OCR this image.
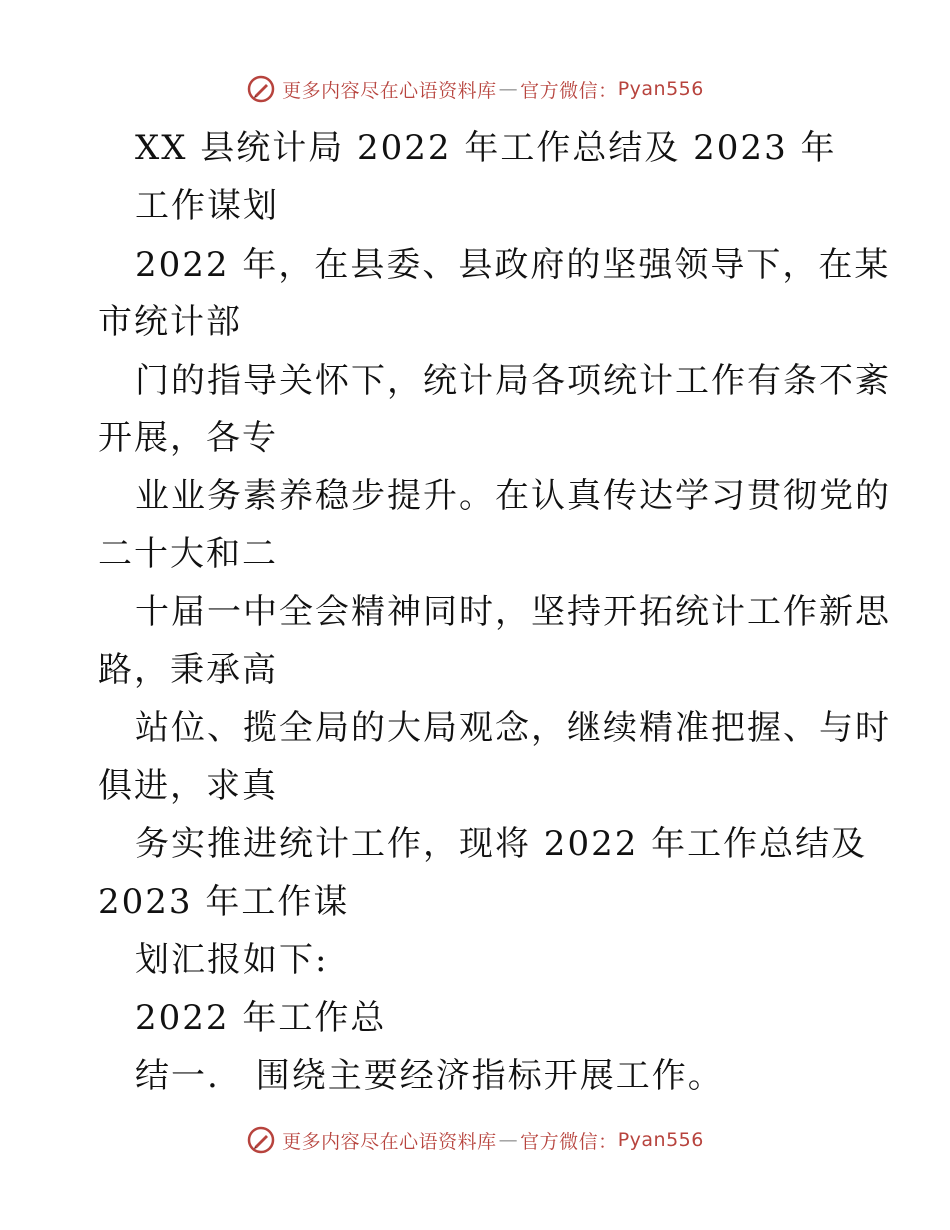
更多内容尽在心语资料库 — 官方微信： Pyan556
XX 县统计局 2022 年工作总结及 2023 年
工作谋划
2022 年，在县委、县政府的坚强领导下，在某
市统计部
门的指导关怀下，统计局各项统计工作有条不紊
开展，各专
业业务素养稳步提升。在认真传达学习贯彻党的
二十大和二
十届一中全会精神同时，坚持开拓统计工作新思
路，秉承高
站位、揽全局的大局观念，继续精准把握、与时
俱进，求真
务实推进统计工作，现将 2022 年工作总结及
2023 年工作谋
划汇报如下:
2022 年工作总
结一.　围绕主要经济指标开展工作。
更多内容尽在心语资料库 — 官方微信： Pyan556
